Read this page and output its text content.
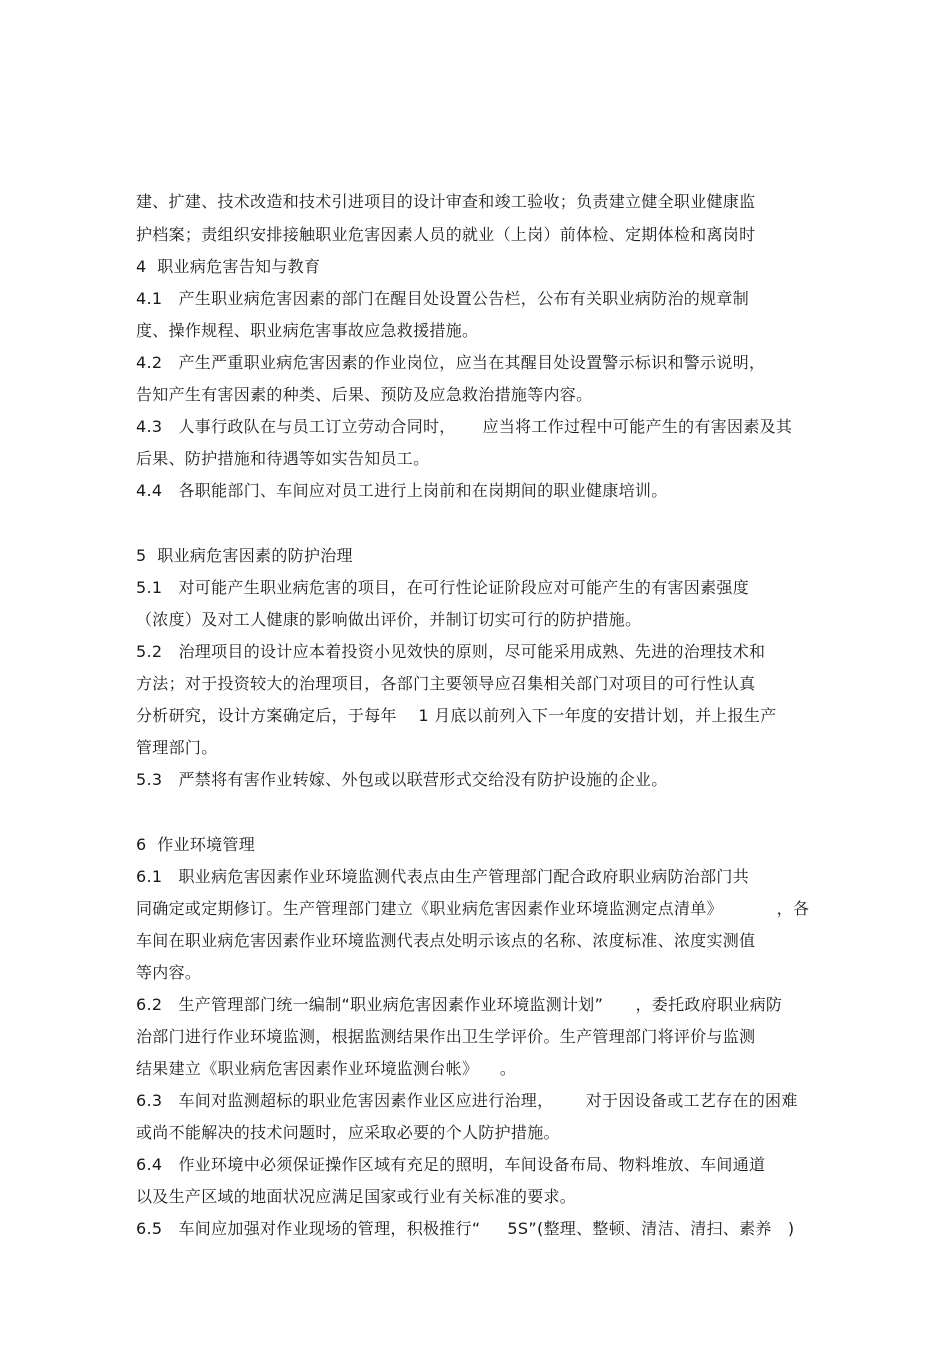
建、扩建、技术改造和技术引进项目的设计审查和竣工验收；负责建立健全职业健康监
护档案；责组织安排接触职业危害因素人员的就业（上岗）前体检、定期体检和离岗时
4  职业病危害告知与教育
4.1   产生职业病危害因素的部门在醒目处设置公告栏，公布有关职业病防治的规章制
度、操作规程、职业病危害事故应急救援措施。
4.2   产生严重职业病危害因素的作业岗位，应当在其醒目处设置警示标识和警示说明，
告知产生有害因素的种类、后果、预防及应急救治措施等内容。
4.3   人事行政队在与员工订立劳动合同时，     应当将工作过程中可能产生的有害因素及其
后果、防护措施和待遇等如实告知员工。
4.4   各职能部门、车间应对员工进行上岗前和在岗期间的职业健康培训。
5  职业病危害因素的防护治理
5.1   对可能产生职业病危害的项目，在可行性论证阶段应对可能产生的有害因素强度
（浓度）及对工人健康的影响做出评价，并制订切实可行的防护措施。
5.2   治理项目的设计应本着投资小见效快的原则，尽可能采用成熟、先进的治理技术和
方法；对于投资较大的治理项目，各部门主要领导应召集相关部门对项目的可行性认真
分析研究，设计方案确定后，于每年    1 月底以前列入下一年度的安措计划，并上报生产
管理部门。
5.3   严禁将有害作业转嫁、外包或以联营形式交给没有防护设施的企业。
6  作业环境管理
6.1   职业病危害因素作业环境监测代表点由生产管理部门配合政府职业病防治部门共
同确定或定期修订。生产管理部门建立《职业病危害因素作业环境监测定点清单》          ，各
车间在职业病危害因素作业环境监测代表点处明示该点的名称、浓度标准、浓度实测值
等内容。
6.2   生产管理部门统一编制“职业病危害因素作业环境监测计划”      ，委托政府职业病防
治部门进行作业环境监测，根据监测结果作出卫生学评价。生产管理部门将评价与监测
结果建立《职业病危害因素作业环境监测台帐》    。
6.3   车间对监测超标的职业危害因素作业区应进行治理，      对于因设备或工艺存在的困难
或尚不能解决的技术问题时，应采取必要的个人防护措施。
6.4   作业环境中必须保证操作区域有充足的照明，车间设备布局、物料堆放、车间通道
以及生产区域的地面状况应满足国家或行业有关标准的要求。
6.5   车间应加强对作业现场的管理，积极推行“     5S”(整理、整顿、清洁、清扫、素养   )
